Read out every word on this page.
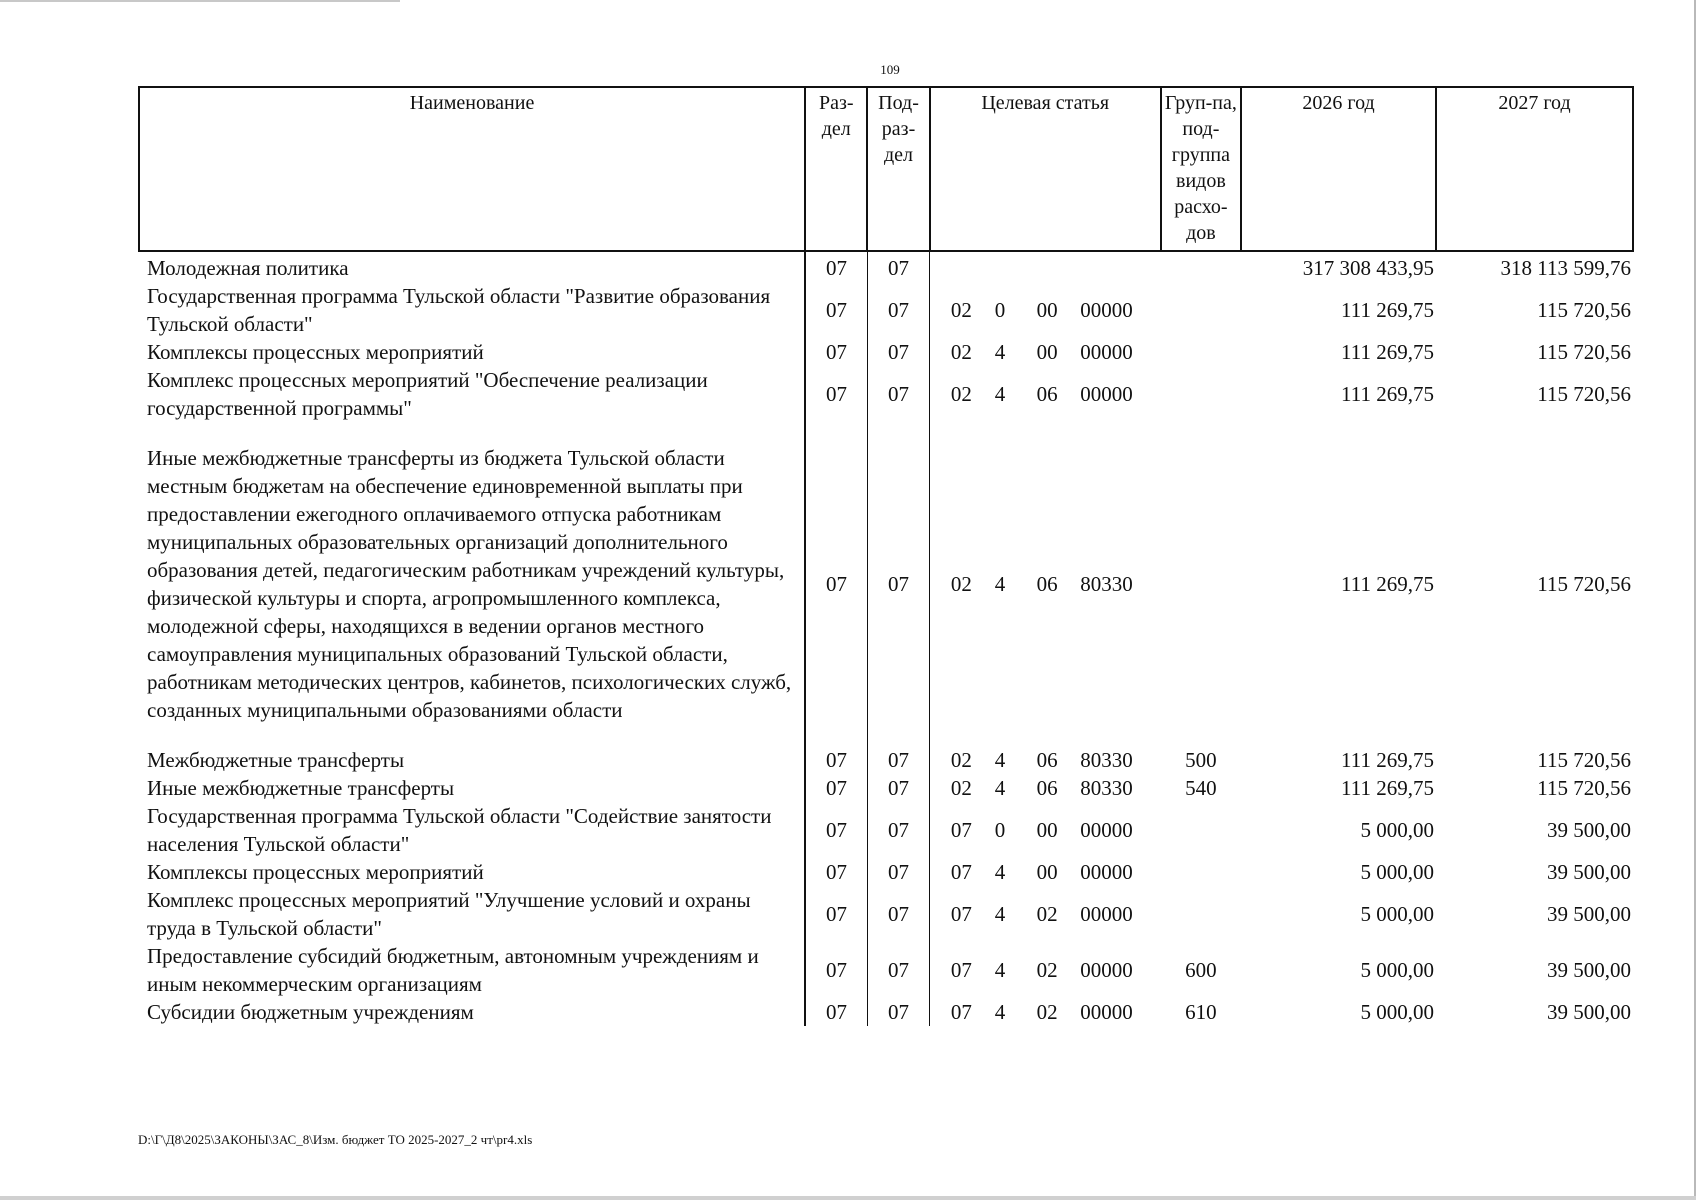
109
Наименование	Раз-дел	Под-раз-дел	Целевая статья				Груп-па, под-группа видов расхо-дов	2026 год	2027 год
Молодежная политика	07	07						317 308 433,95	318 113 599,76
Государственная программа Тульской области "Развитие образования Тульской области"	07	07	02	0	00	00000		111 269,75	115 720,56
Комплексы процессных мероприятий	07	07	02	4	00	00000		111 269,75	115 720,56
Комплекс процессных мероприятий "Обеспечение реализации государственной программы"	07	07	02	4	06	00000		111 269,75	115 720,56
Иные межбюджетные трансферты из бюджета Тульской области местным бюджетам на обеспечение единовременной выплаты при предоставлении ежегодного оплачиваемого отпуска работникам муниципальных образовательных организаций дополнительного образования детей, педагогическим работникам учреждений культуры, физической культуры и спорта, агропромышленного комплекса, молодежной сферы, находящихся в ведении органов местного самоуправления муниципальных образований Тульской области, работникам методических центров, кабинетов, психологических служб, созданных муниципальными образованиями области	07	07	02	4	06	80330		111 269,75	115 720,56
Межбюджетные трансферты	07	07	02	4	06	80330	500	111 269,75	115 720,56
Иные межбюджетные трансферты	07	07	02	4	06	80330	540	111 269,75	115 720,56
Государственная программа Тульской области "Содействие занятости населения Тульской области"	07	07	07	0	00	00000		5 000,00	39 500,00
Комплексы процессных мероприятий	07	07	07	4	00	00000		5 000,00	39 500,00
Комплекс процессных мероприятий "Улучшение условий и охраны труда в Тульской области"	07	07	07	4	02	00000		5 000,00	39 500,00
Предоставление субсидий бюджетным, автономным учреждениям и иным некоммерческим организациям	07	07	07	4	02	00000	600	5 000,00	39 500,00
Субсидии бюджетным учреждениям	07	07	07	4	02	00000	610	5 000,00	39 500,00
D:\Г\Д8\2025\ЗАКОНЫ\ЗАС_8\Изм. бюджет ТО 2025-2027_2 чт\pr4.xls
